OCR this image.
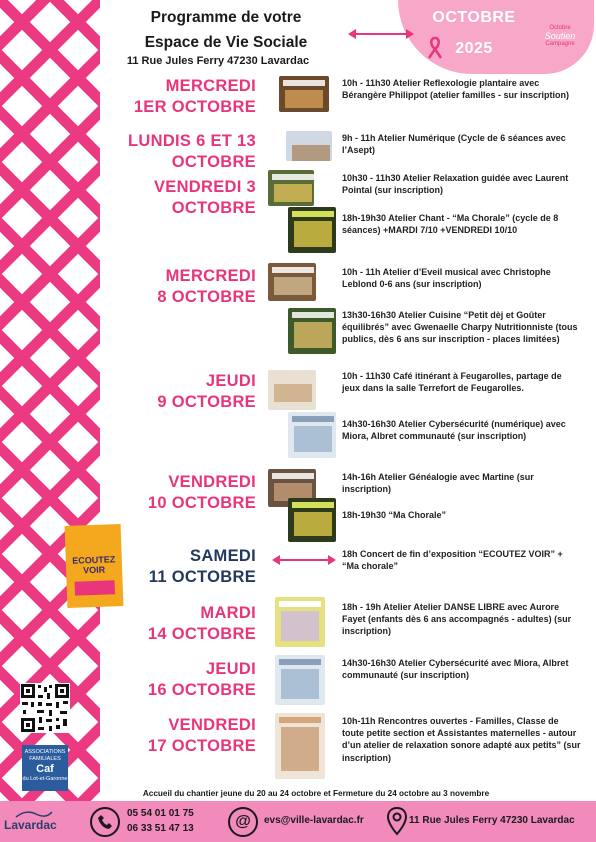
Programme de votre
Espace de Vie Sociale
11 Rue Jules Ferry 47230 Lavardac
OCTOBRE
2025
Octobre
Soutien
Campagne
MERCREDI
1ER OCTOBRE
LUNDIS 6 ET 13
OCTOBRE
VENDREDI 3
OCTOBRE
MERCREDI
8 OCTOBRE
JEUDI
9 OCTOBRE
VENDREDI
10 OCTOBRE
SAMEDI
11 OCTOBRE
MARDI
14 OCTOBRE
JEUDI
16 OCTOBRE
VENDREDI
17 OCTOBRE
10h - 11h30 Atelier Reflexologie plantaire avec Bérangère Philippot (atelier familles - sur inscription)
9h - 11h Atelier Numérique (Cycle de 6 séances avec l’Asept)
10h30 - 11h30 Atelier Relaxation guidée avec Laurent Pointal (sur inscription)
18h-19h30 Atelier Chant - “Ma Chorale” (cycle de 8 séances) +MARDI 7/10 +VENDREDI 10/10
10h - 11h Atelier d’Eveil musical avec Christophe Leblond 0-6 ans (sur inscription)
13h30-16h30 Atelier Cuisine “Petit dèj et Goûter équilibrés” avec Gwenaelle Charpy Nutritionniste (tous publics, dès 6 ans sur inscription - places limitées)
10h - 11h30 Café itinérant à Feugarolles, partage de jeux dans la salle Terrefort de Feugarolles.
14h30-16h30 Atelier Cybersécurité (numérique) avec Miora, Albret communauté (sur inscription)
14h-16h Atelier Généalogie avec Martine (sur inscription)
18h-19h30 “Ma Chorale”
18h Concert de fin d’exposition “ECOUTEZ VOIR” + “Ma chorale”
18h - 19h Atelier Atelier DANSE LIBRE avec Aurore Fayet (enfants dès 6 ans accompagnés - adultes) (sur inscription)
14h30-16h30 Atelier Cybersécurité avec Miora, Albret communauté (sur inscription)
10h-11h Rencontres ouvertes - Familles, Classe de toute petite section et Assistantes maternelles - autour d’un atelier de relaxation sonore adapté aux petits” (sur inscription)
ECOUTEZ VOIR
ASSOCIATIONS FAMILIALES
Caf
du Lot-et-Garonne
Accueil du chantier jeune du 20 au 24 octobre et Fermeture du 24 octobre au 3 novembre
Lavardac
05 54 01 01 75
06 33 51 47 13	@ evs@ville-lavardac.fr	11 Rue Jules Ferry 47230 Lavardac
